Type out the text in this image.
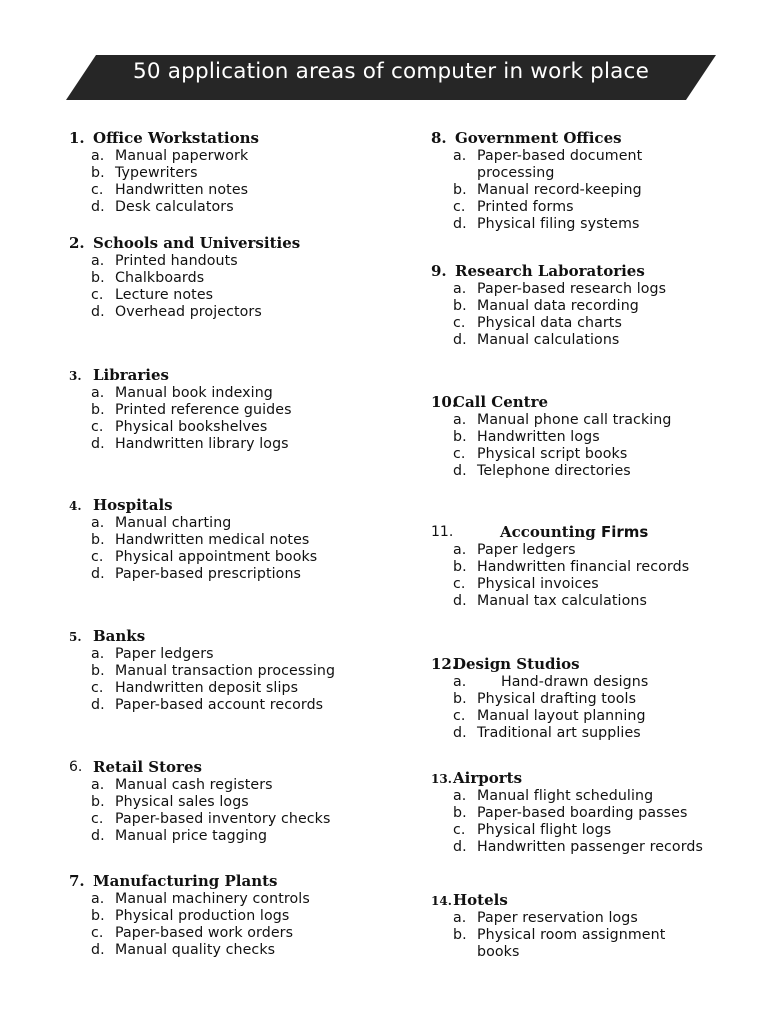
50 application areas of computer in work place
1. Office Workstations
a. Manual paperwork
b. Typewriters
c. Handwritten notes
d. Desk calculators
2. Schools and Universities
a. Printed handouts
b. Chalkboards
c. Lecture notes
d. Overhead projectors
3. Libraries
a. Manual book indexing
b. Printed reference guides
c. Physical bookshelves
d. Handwritten library logs
4. Hospitals
a. Manual charting
b. Handwritten medical notes
c. Physical appointment books
d. Paper-based prescriptions
5. Banks
a. Paper ledgers
b. Manual transaction processing
c. Handwritten deposit slips
d. Paper-based account records
6. Retail Stores
a. Manual cash registers
b. Physical sales logs
c. Paper-based inventory checks
d. Manual price tagging
7. Manufacturing Plants
a. Manual machinery controls
b. Physical production logs
c. Paper-based work orders
d. Manual quality checks
8. Government Offices
a. Paper-based document
processing
b. Manual record-keeping
c. Printed forms
d. Physical filing systems
9. Research Laboratories
a. Paper-based research logs
b. Manual data recording
c. Physical data charts
d. Manual calculations
10.
Call Centre
a. Manual phone call tracking
b. Handwritten logs
c. Physical script books
d. Telephone directories
11.	Accounting Firms
a. Paper ledgers
b. Handwritten financial records
c. Physical invoices
d. Manual tax calculations
12.
Design Studios
a.	Hand-drawn designs
b. Physical drafting tools
c. Manual layout planning
d. Traditional art supplies
13. Airports
a. Manual flight scheduling
b. Paper-based boarding passes
c. Physical flight logs
d. Handwritten passenger records
14. Hotels
a. Paper reservation logs
b. Physical room assignment
books
